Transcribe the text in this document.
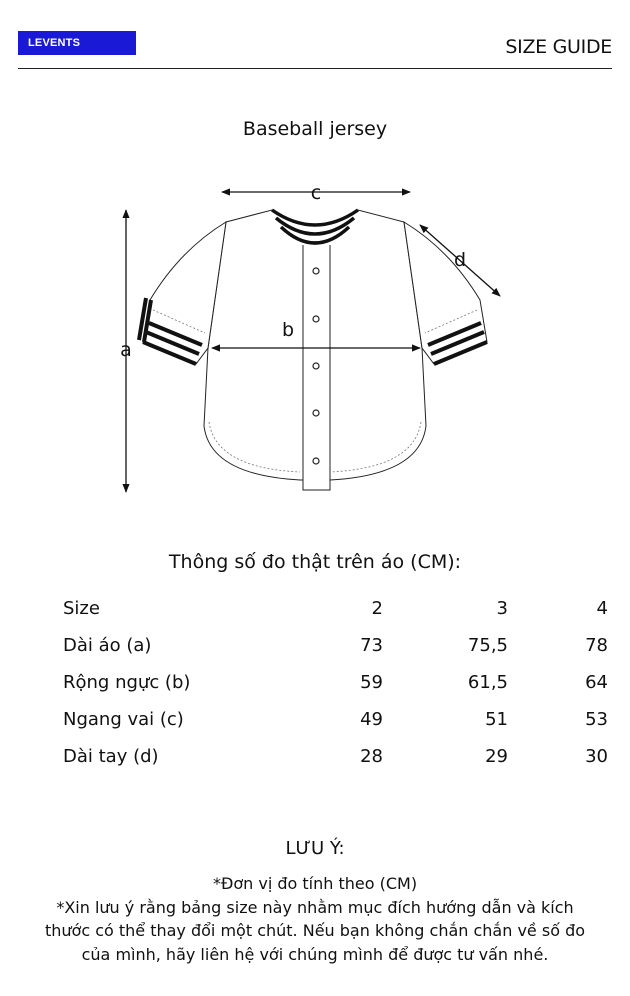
LEVENTS	SIZE GUIDE
Baseball jersey
c
a
b
d
Thông số đo thật trên áo (CM):
Size	2	3	4
Dài áo (a)	73	75,5	78
Rộng ngực (b)	59	61,5	64
Ngang vai (c)	49	51	53
Dài tay (d)	28	29	30
LƯU Ý:
*Đơn vị đo tính theo (CM)
*Xin lưu ý rằng bảng size này nhằm mục đích hướng dẫn và kích
thước có thể thay đổi một chút. Nếu bạn không chắn chắn về số đo
của mình, hãy liên hệ với chúng mình để được tư vấn nhé.
